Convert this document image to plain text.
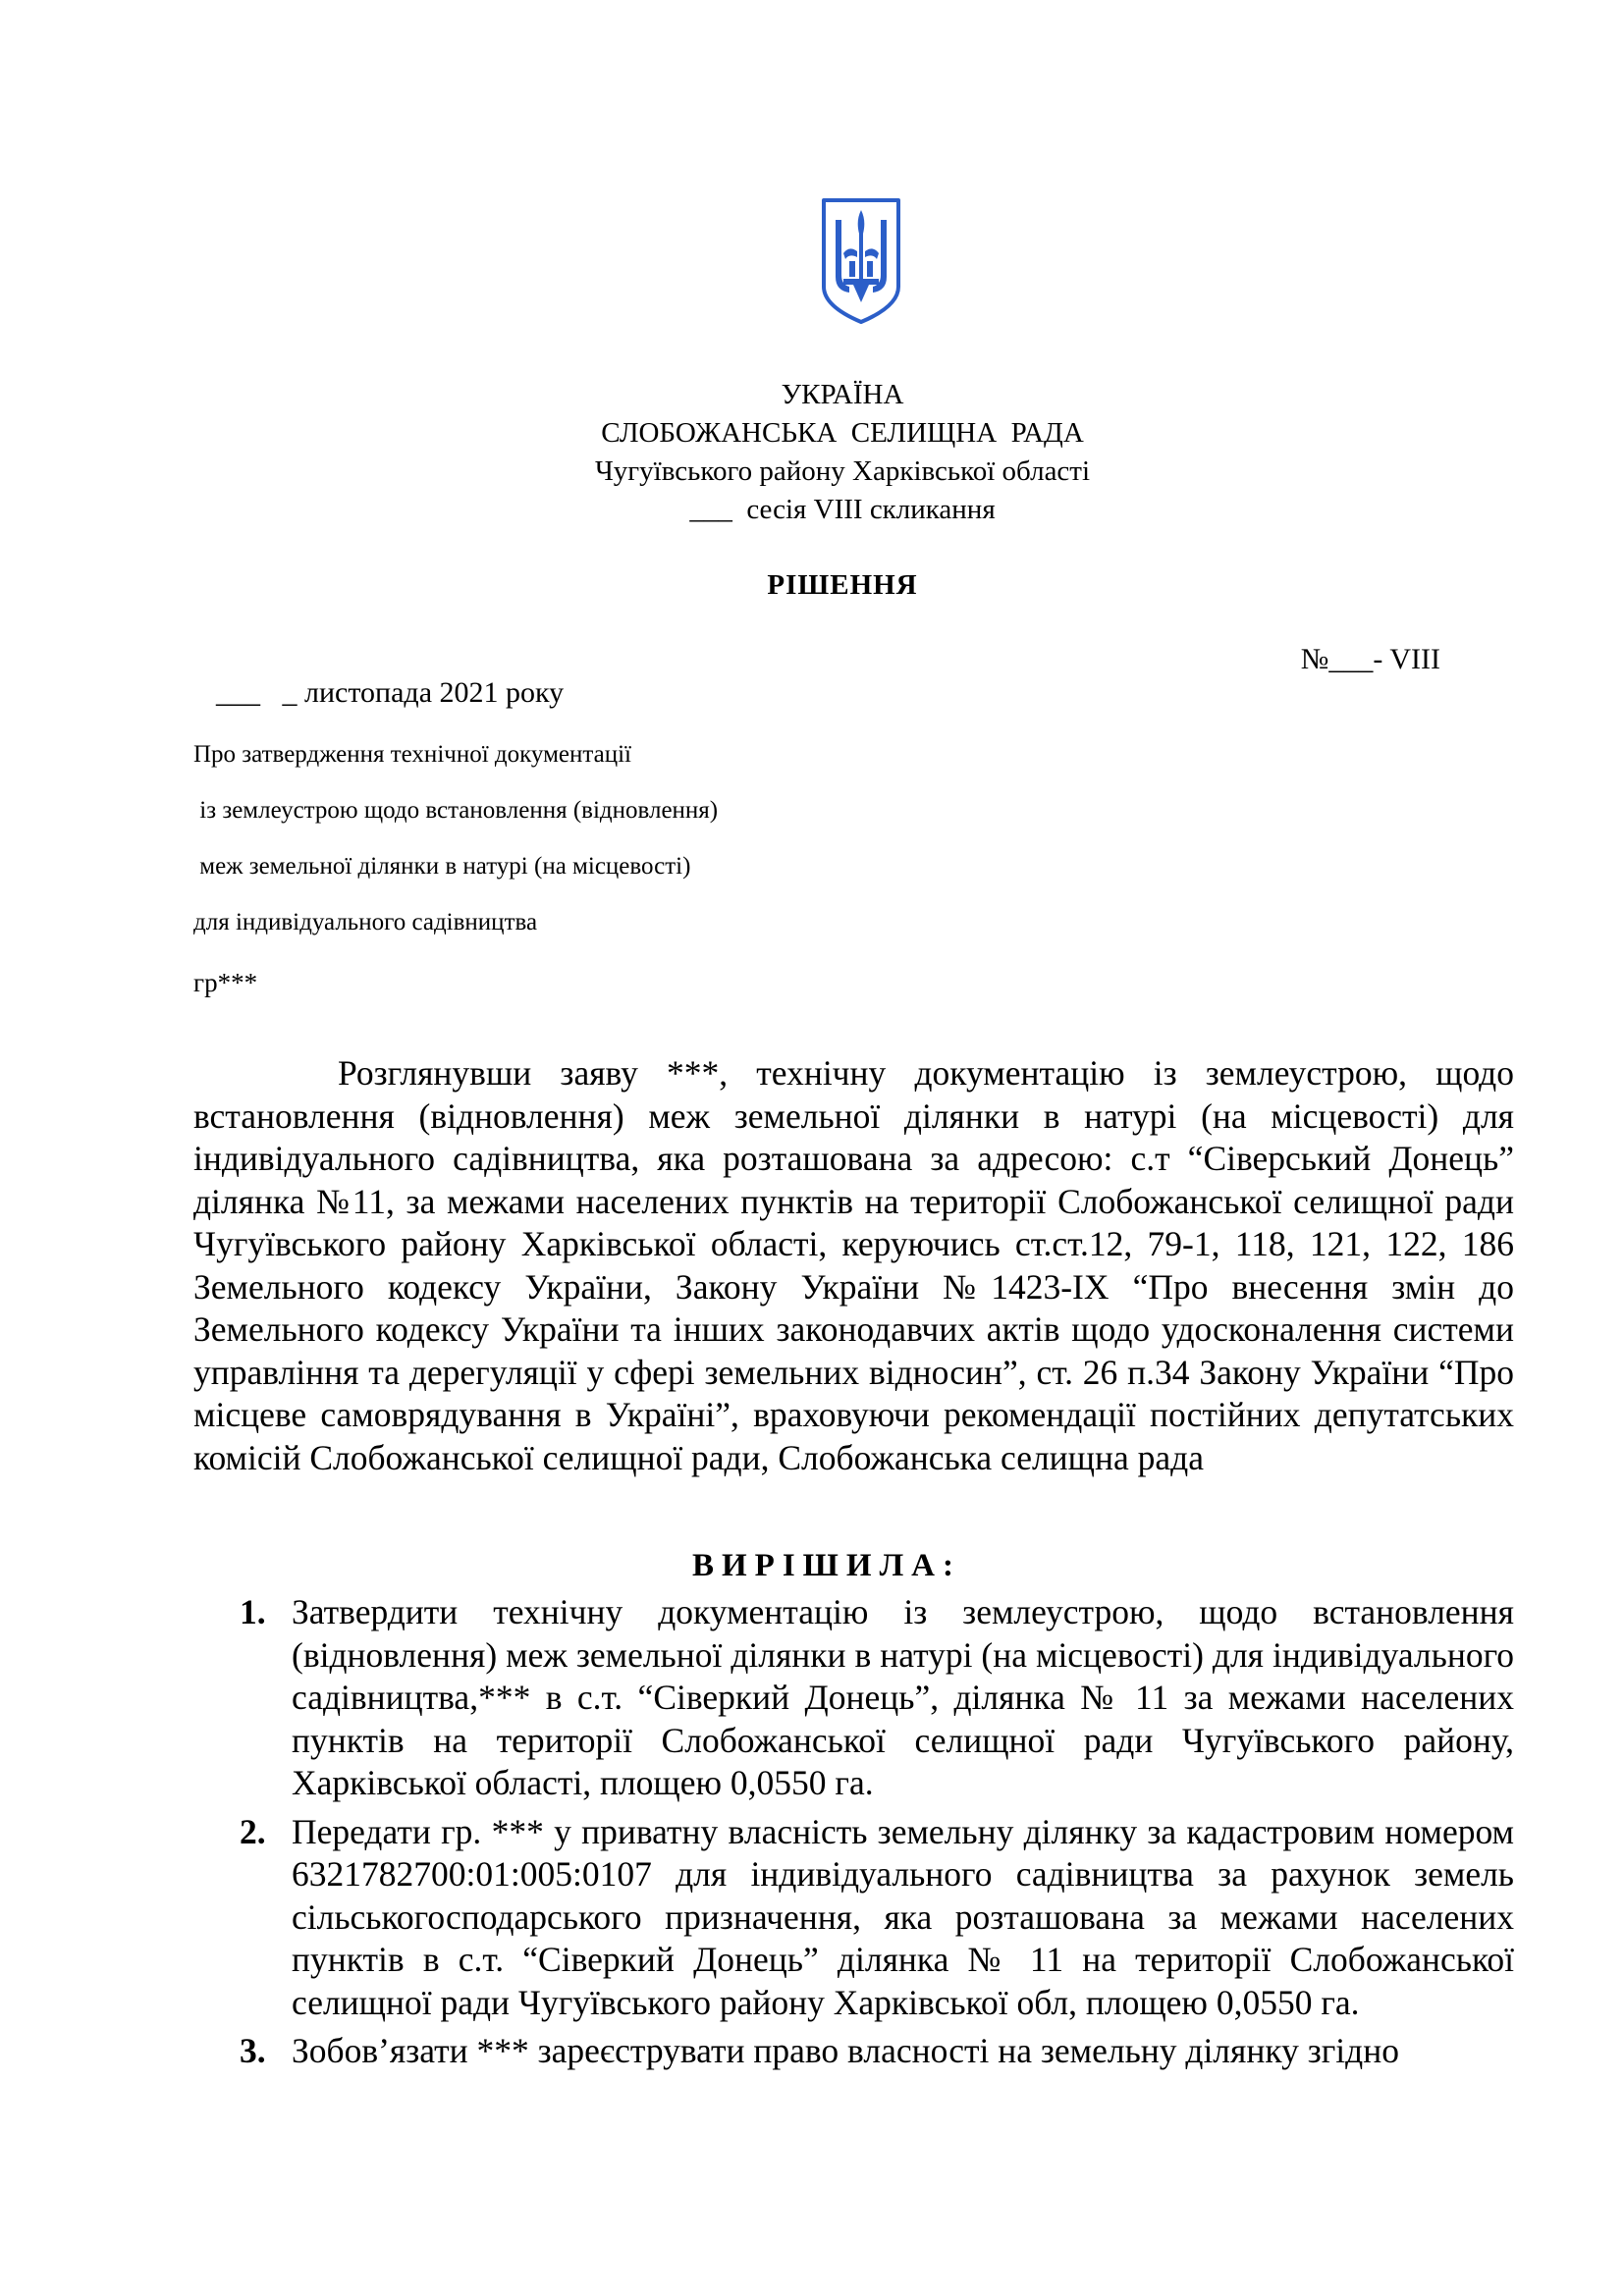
УКРАЇНА
СЛОБОЖАНСЬКА  СЕЛИЩНА  РАДА
Чугуївського району Харківської області
___  сесія VIII скликання
РІШЕННЯ

___   _ листопада 2021 року

№___- VIII

Про затвердження технічної документації
із землеустрою щодо встановлення (відновлення)
меж земельної ділянки в натурі (на місцевості)
для індивідуального садівництва
гр***

Розглянувши заяву ***, технічну документацію із землеустрою, щодо встановлення (відновлення) меж земельної ділянки в натурі (на місцевості) для індивідуального садівництва, яка розташована за адресою: с.т “Сіверський Донець” ділянка №11, за межами населених пунктів на території Слобожанської селищної ради Чугуївського району Харківської області, керуючись ст.ст.12, 79-1, 118, 121, 122, 186 Земельного кодексу України, Закону України №1423-IX “Про внесення змін до Земельного кодексу України та інших законодавчих актів щодо удосконалення системи управління та дерегуляції у сфері земельних відносин”, ст. 26 п.34 Закону України “Про місцеве самоврядування в Україні”, враховуючи рекомендації постійних депутатських комісій Слобожанської селищної ради, Слобожанська селищна рада

ВИРІШИЛА:
1. Затвердити технічну документацію із землеустрою, щодо встановлення (відновлення) меж земельної ділянки в натурі (на місцевості) для індивідуального садівництва,*** в с.т. “Сіверкий Донець”, ділянка № 11 за межами населених пунктів на території Слобожанської селищної ради Чугуївського району, Харківської області, площею 0,0550 га.
2. Передати гр. *** у приватну власність земельну ділянку за кадастровим номером 6321782700:01:005:0107 для індивідуального садівництва за рахунок земель сільськогосподарського призначення, яка розташована за межами населених пунктів в с.т. “Сіверкий Донець” ділянка № 11 на території Слобожанської селищної ради Чугуївського району Харківської обл, площею 0,0550 га.
3. Зобов’язати *** зареєструвати право власності на земельну ділянку згідно
